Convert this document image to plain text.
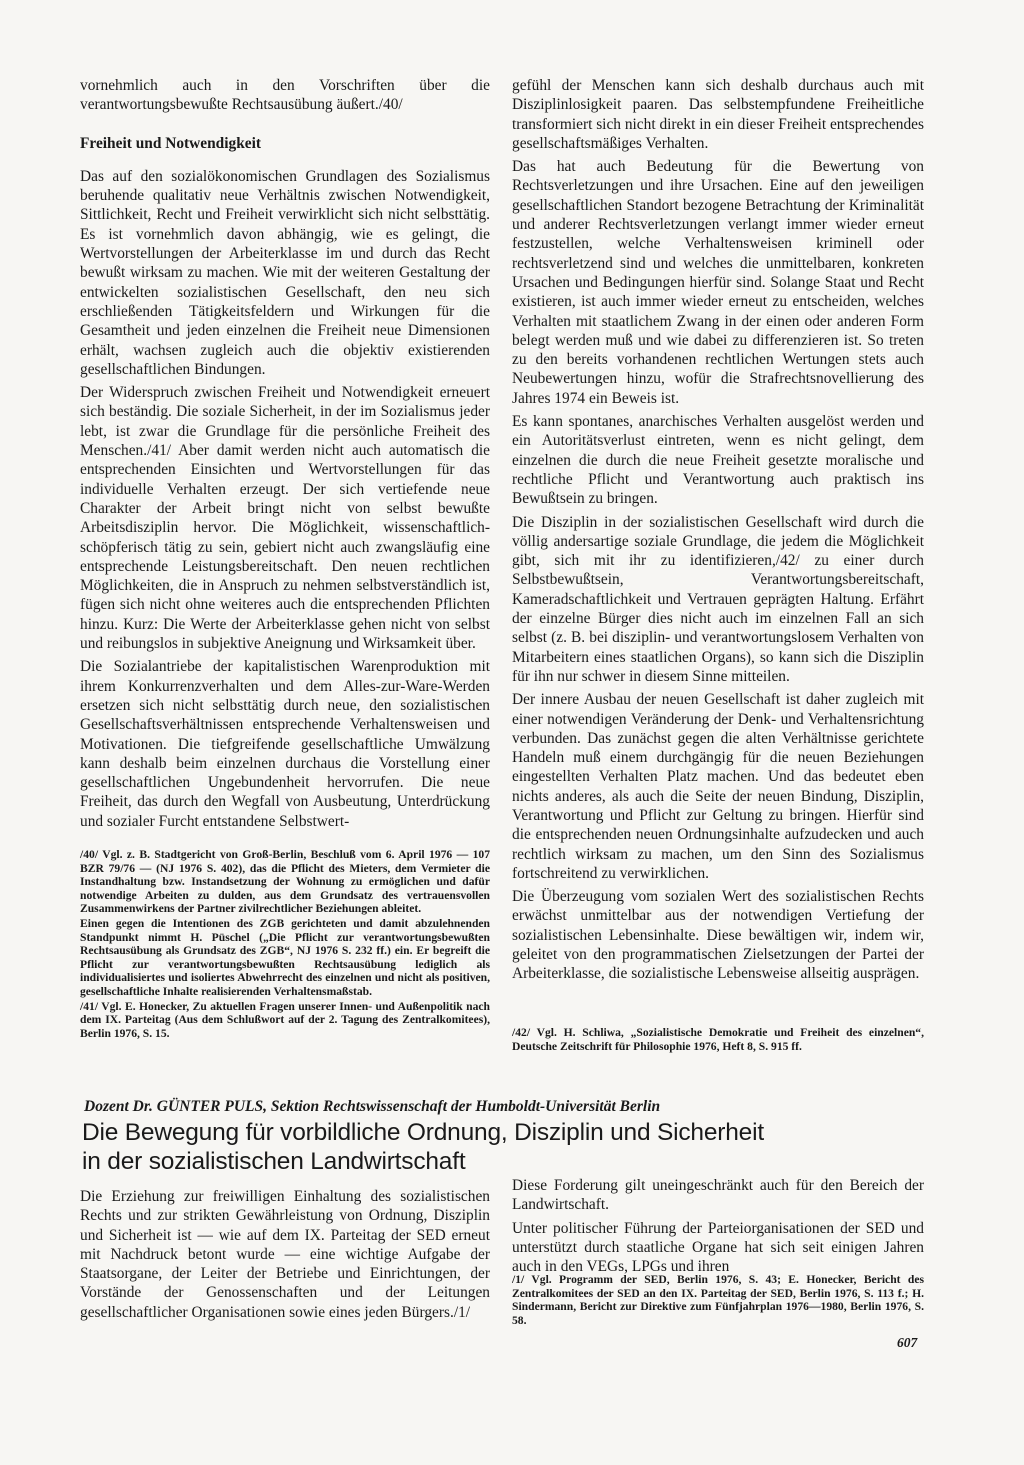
vornehmlich auch in den Vorschriften über die verantwortungsbewußte Rechtsausübung äußert./40/

Freiheit und Notwendigkeit

Das auf den sozialökonomischen Grundlagen des Sozialismus beruhende qualitativ neue Verhältnis zwischen Notwendigkeit, Sittlichkeit, Recht und Freiheit verwirklicht sich nicht selbsttätig. Es ist vornehmlich davon abhängig, wie es gelingt, die Wertvorstellungen der Arbeiterklasse im und durch das Recht bewußt wirksam zu machen. Wie mit der weiteren Gestaltung der entwickelten sozialistischen Gesellschaft, den neu sich erschließenden Tätigkeitsfeldern und Wirkungen für die Gesamtheit und jeden einzelnen die Freiheit neue Dimensionen erhält, wachsen zugleich auch die objektiv existierenden gesellschaftlichen Bindungen.

Der Widerspruch zwischen Freiheit und Notwendigkeit erneuert sich beständig. Die soziale Sicherheit, in der im Sozialismus jeder lebt, ist zwar die Grundlage für die persönliche Freiheit des Menschen./41/ Aber damit werden nicht auch automatisch die entsprechenden Einsichten und Wertvorstellungen für das individuelle Verhalten erzeugt. Der sich vertiefende neue Charakter der Arbeit bringt nicht von selbst bewußte Arbeitsdisziplin hervor. Die Möglichkeit, wissenschaftlich-schöpferisch tätig zu sein, gebiert nicht auch zwangsläufig eine entsprechende Leistungsbereitschaft. Den neuen rechtlichen Möglichkeiten, die in Anspruch zu nehmen selbstverständlich ist, fügen sich nicht ohne weiteres auch die entsprechenden Pflichten hinzu. Kurz: Die Werte der Arbeiterklasse gehen nicht von selbst und reibungslos in subjektive Aneignung und Wirksamkeit über.

Die Sozialantriebe der kapitalistischen Warenproduktion mit ihrem Konkurrenzverhalten und dem Alles-zur-Ware-Werden ersetzen sich nicht selbsttätig durch neue, den sozialistischen Gesellschaftsverhältnissen entsprechende Verhaltensweisen und Motivationen. Die tiefgreifende gesellschaftliche Umwälzung kann deshalb beim einzelnen durchaus die Vorstellung einer gesellschaftlichen Ungebundenheit hervorrufen. Die neue Freiheit, das durch den Wegfall von Ausbeutung, Unterdrückung und sozialer Furcht entstandene Selbstwert-

gefühl der Menschen kann sich deshalb durchaus auch mit Disziplinlosigkeit paaren. Das selbstempfundene Freiheitliche transformiert sich nicht direkt in ein dieser Freiheit entsprechendes gesellschaftsmäßiges Verhalten.

Das hat auch Bedeutung für die Bewertung von Rechtsverletzungen und ihre Ursachen. Eine auf den jeweiligen gesellschaftlichen Standort bezogene Betrachtung der Kriminalität und anderer Rechtsverletzungen verlangt immer wieder erneut festzustellen, welche Verhaltensweisen kriminell oder rechtsverletzend sind und welches die unmittelbaren, konkreten Ursachen und Bedingungen hierfür sind. Solange Staat und Recht existieren, ist auch immer wieder erneut zu entscheiden, welches Verhalten mit staatlichem Zwang in der einen oder anderen Form belegt werden muß und wie dabei zu differenzieren ist. So treten zu den bereits vorhandenen rechtlichen Wertungen stets auch Neubewertungen hinzu, wofür die Strafrechtsnovellierung des Jahres 1974 ein Beweis ist.

Es kann spontanes, anarchisches Verhalten ausgelöst werden und ein Autoritätsverlust eintreten, wenn es nicht gelingt, dem einzelnen die durch die neue Freiheit gesetzte moralische und rechtliche Pflicht und Verantwortung auch praktisch ins Bewußtsein zu bringen.

Die Disziplin in der sozialistischen Gesellschaft wird durch die völlig andersartige soziale Grundlage, die jedem die Möglichkeit gibt, sich mit ihr zu identifizieren,/42/ zu einer durch Selbstbewußtsein, Verantwortungsbereitschaft, Kameradschaftlichkeit und Vertrauen geprägten Haltung. Erfährt der einzelne Bürger dies nicht auch im einzelnen Fall an sich selbst (z. B. bei disziplin- und verantwortungslosem Verhalten von Mitarbeitern eines staatlichen Organs), so kann sich die Disziplin für ihn nur schwer in diesem Sinne mitteilen.

Der innere Ausbau der neuen Gesellschaft ist daher zugleich mit einer notwendigen Veränderung der Denk- und Verhaltensrichtung verbunden. Das zunächst gegen die alten Verhältnisse gerichtete Handeln muß einem durchgängig für die neuen Beziehungen eingestellten Verhalten Platz machen. Und das bedeutet eben nichts anderes, als auch die Seite der neuen Bindung, Disziplin, Verantwortung und Pflicht zur Geltung zu bringen. Hierfür sind die entsprechenden neuen Ordnungsinhalte aufzudecken und auch rechtlich wirksam zu machen, um den Sinn des Sozialismus fortschreitend zu verwirklichen.

Die Überzeugung vom sozialen Wert des sozialistischen Rechts erwächst unmittelbar aus der notwendigen Vertiefung der sozialistischen Lebensinhalte. Diese bewältigen wir, indem wir, geleitet von den programmatischen Zielsetzungen der Partei der Arbeiterklasse, die sozialistische Lebensweise allseitig ausprägen.

/40/ Vgl. z. B. Stadtgericht von Groß-Berlin, Beschluß vom 6. April 1976 — 107 BZR 79/76 — (NJ 1976 S. 402), das die Pflicht des Mieters, dem Vermieter die Instandhaltung bzw. Instandsetzung der Wohnung zu ermöglichen und dafür notwendige Arbeiten zu dulden, aus dem Grundsatz des vertrauensvollen Zusammenwirkens der Partner zivilrechtlicher Beziehungen ableitet.

Einen gegen die Intentionen des ZGB gerichteten und damit abzulehnenden Standpunkt nimmt H. Püschel („Die Pflicht zur verantwortungsbewußten Rechtsausübung als Grundsatz des ZGB“, NJ 1976 S. 232 ff.) ein. Er begreift die Pflicht zur verantwortungsbewußten Rechtsausübung lediglich als individualisiertes und isoliertes Abwehrrecht des einzelnen und nicht als positiven, gesellschaftliche Inhalte realisierenden Verhaltensmaßstab.

/41/ Vgl. E. Honecker, Zu aktuellen Fragen unserer Innen- und Außenpolitik nach dem IX. Parteitag (Aus dem Schlußwort auf der 2. Tagung des Zentralkomitees), Berlin 1976, S. 15.	/42/ Vgl. H. Schliwa, „Sozialistische Demokratie und Freiheit des einzelnen“, Deutsche Zeitschrift für Philosophie 1976, Heft 8, S. 915 ff.

Dozent Dr. GÜNTER PULS, Sektion Rechtswissenschaft der Humboldt-Universität Berlin
Die Bewegung für vorbildliche Ordnung, Disziplin und Sicherheit
in der sozialistischen Landwirtschaft

Die Erziehung zur freiwilligen Einhaltung des sozialistischen Rechts und zur strikten Gewährleistung von Ordnung, Disziplin und Sicherheit ist — wie auf dem IX. Parteitag der SED erneut mit Nachdruck betont wurde — eine wichtige Aufgabe der Staatsorgane, der Leiter der Betriebe und Einrichtungen, der Vorstände der Genossenschaften und der Leitungen gesellschaftlicher Organisationen sowie eines jeden Bürgers./1/

Diese Forderung gilt uneingeschränkt auch für den Bereich der Landwirtschaft.

Unter politischer Führung der Parteiorganisationen der SED und unterstützt durch staatliche Organe hat sich seit einigen Jahren auch in den VEGs, LPGs und ihren

/1/ Vgl. Programm der SED, Berlin 1976, S. 43; E. Honecker, Bericht des Zentralkomitees der SED an den IX. Parteitag der SED, Berlin 1976, S. 113 f.; H. Sindermann, Bericht zur Direktive zum Fünfjahrplan 1976—1980, Berlin 1976, S. 58.

607
